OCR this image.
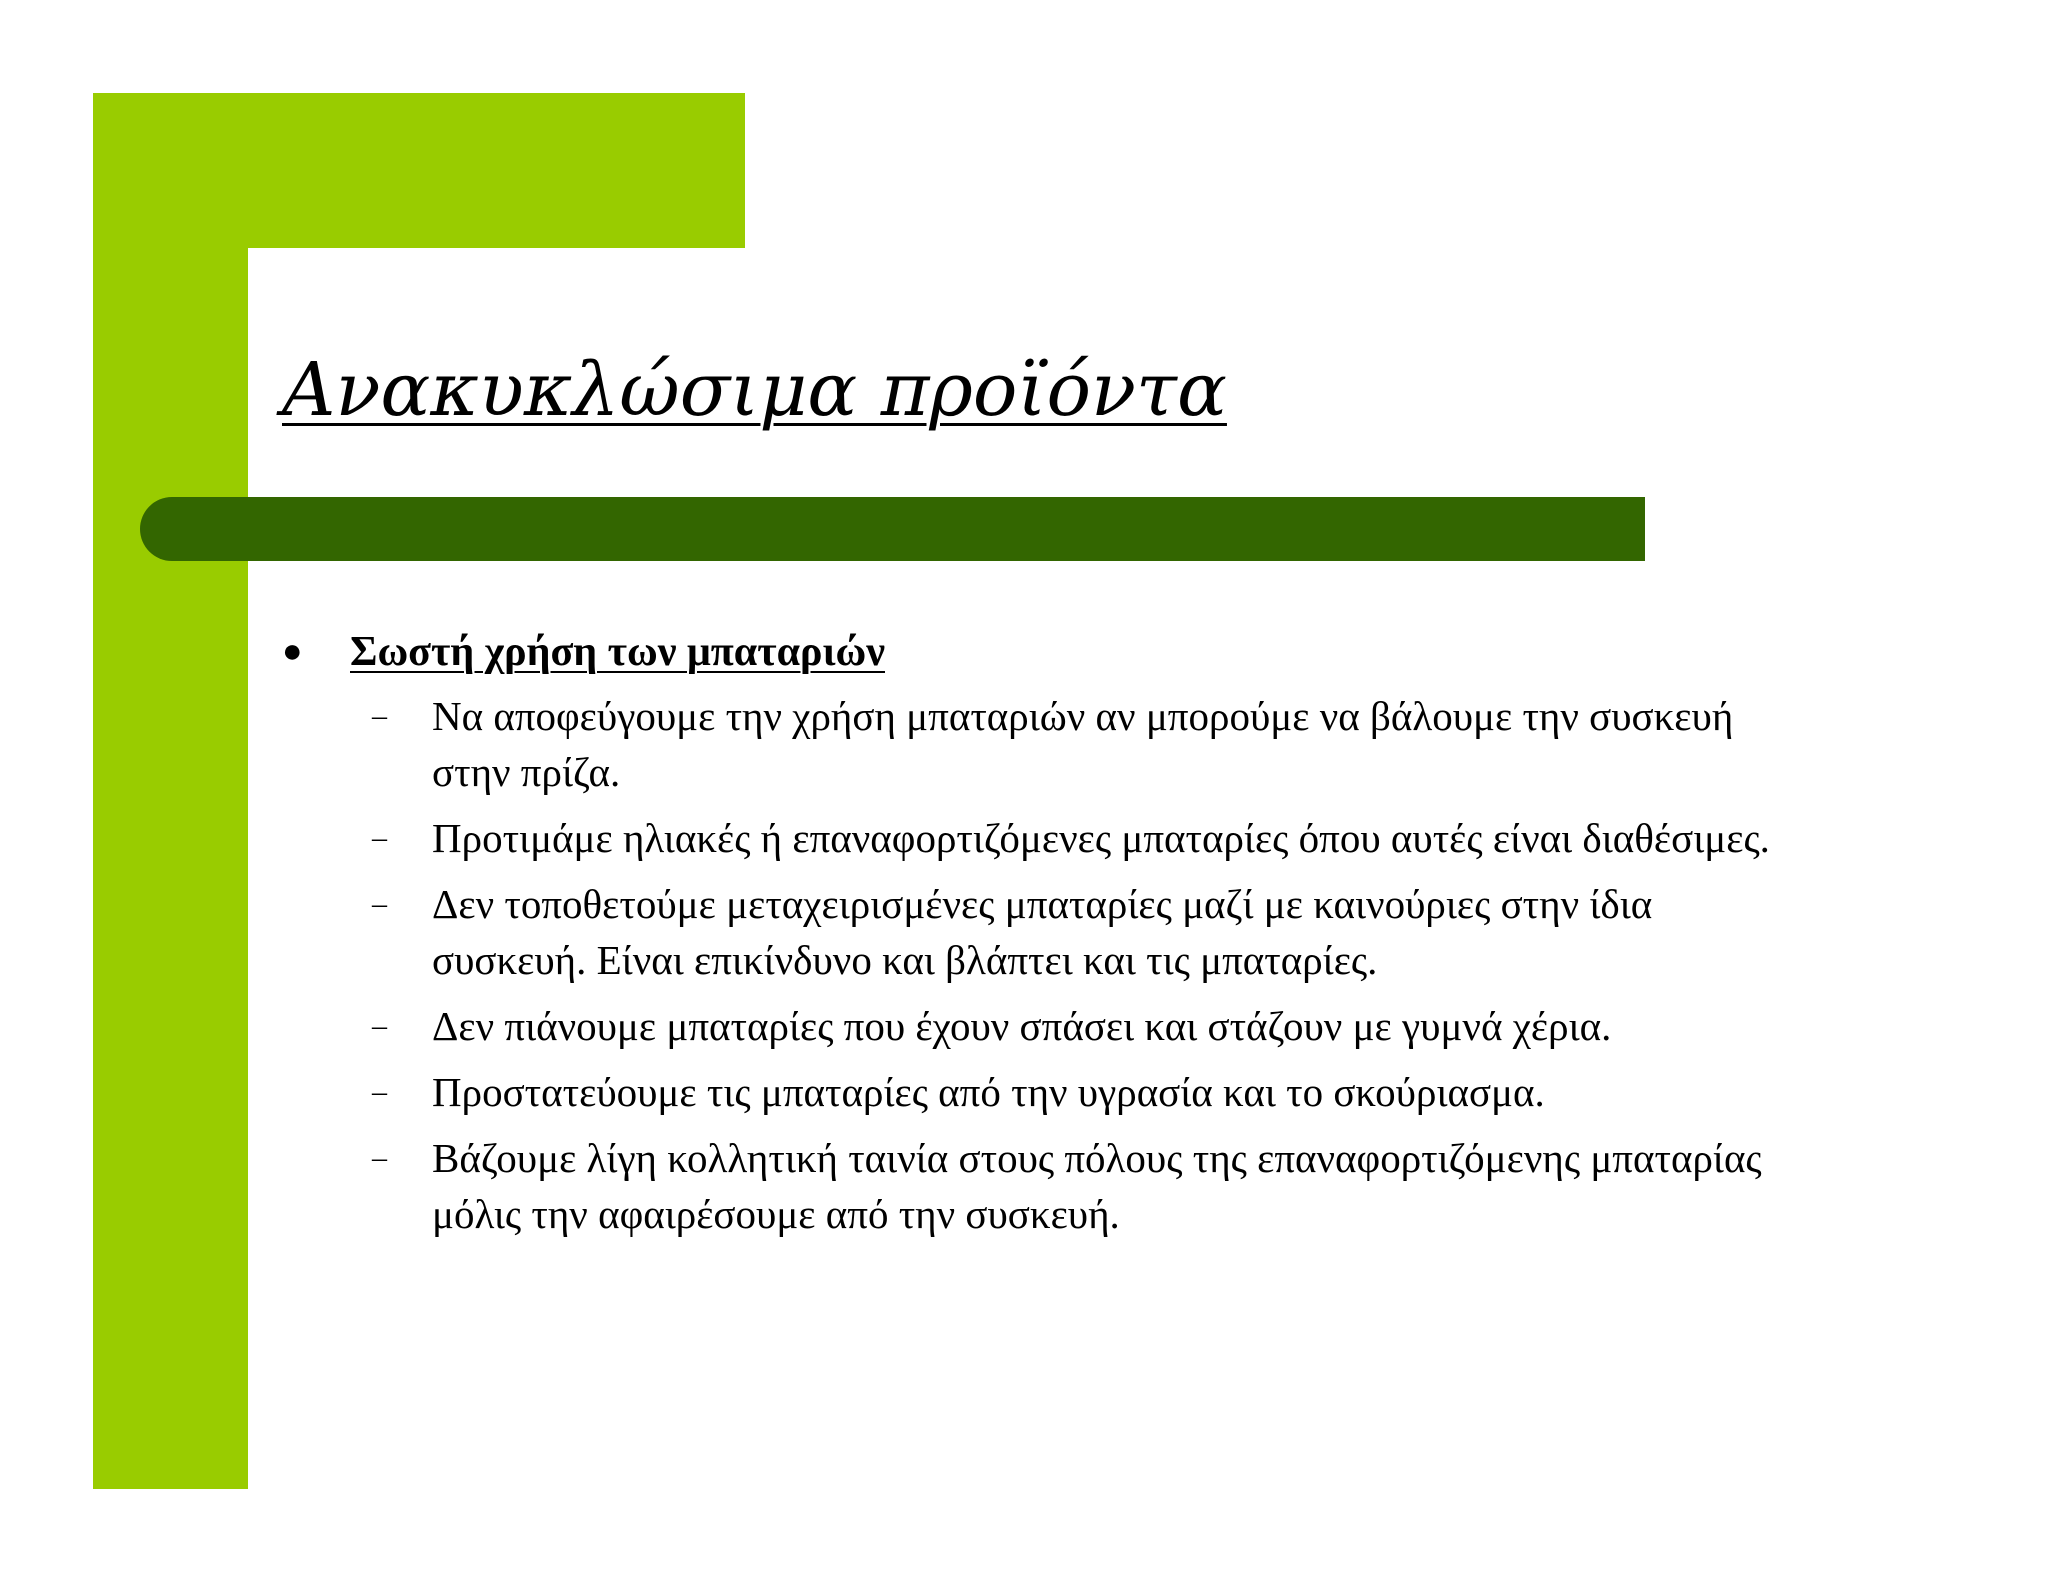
Ανακυκλώσιμα προϊόντα
● Σωστή χρήση των μπαταριών
– Να αποφεύγουμε την χρήση μπαταριών αν μπορούμε να βάλουμε την συσκευή στην πρίζα.
– Προτιμάμε ηλιακές ή επαναφορτιζόμενες μπαταρίες όπου αυτές είναι διαθέσιμες.
– Δεν τοποθετούμε μεταχειρισμένες μπαταρίες μαζί με καινούριες στην ίδια συσκευή. Είναι επικίνδυνο και βλάπτει και τις μπαταρίες.
– Δεν πιάνουμε μπαταρίες που έχουν σπάσει και στάζουν με γυμνά χέρια.
– Προστατεύουμε τις μπαταρίες από την υγρασία και το σκούριασμα.
– Βάζουμε λίγη κολλητική ταινία στους πόλους της επαναφορτιζόμενης μπαταρίας μόλις την αφαιρέσουμε από την συσκευή.
